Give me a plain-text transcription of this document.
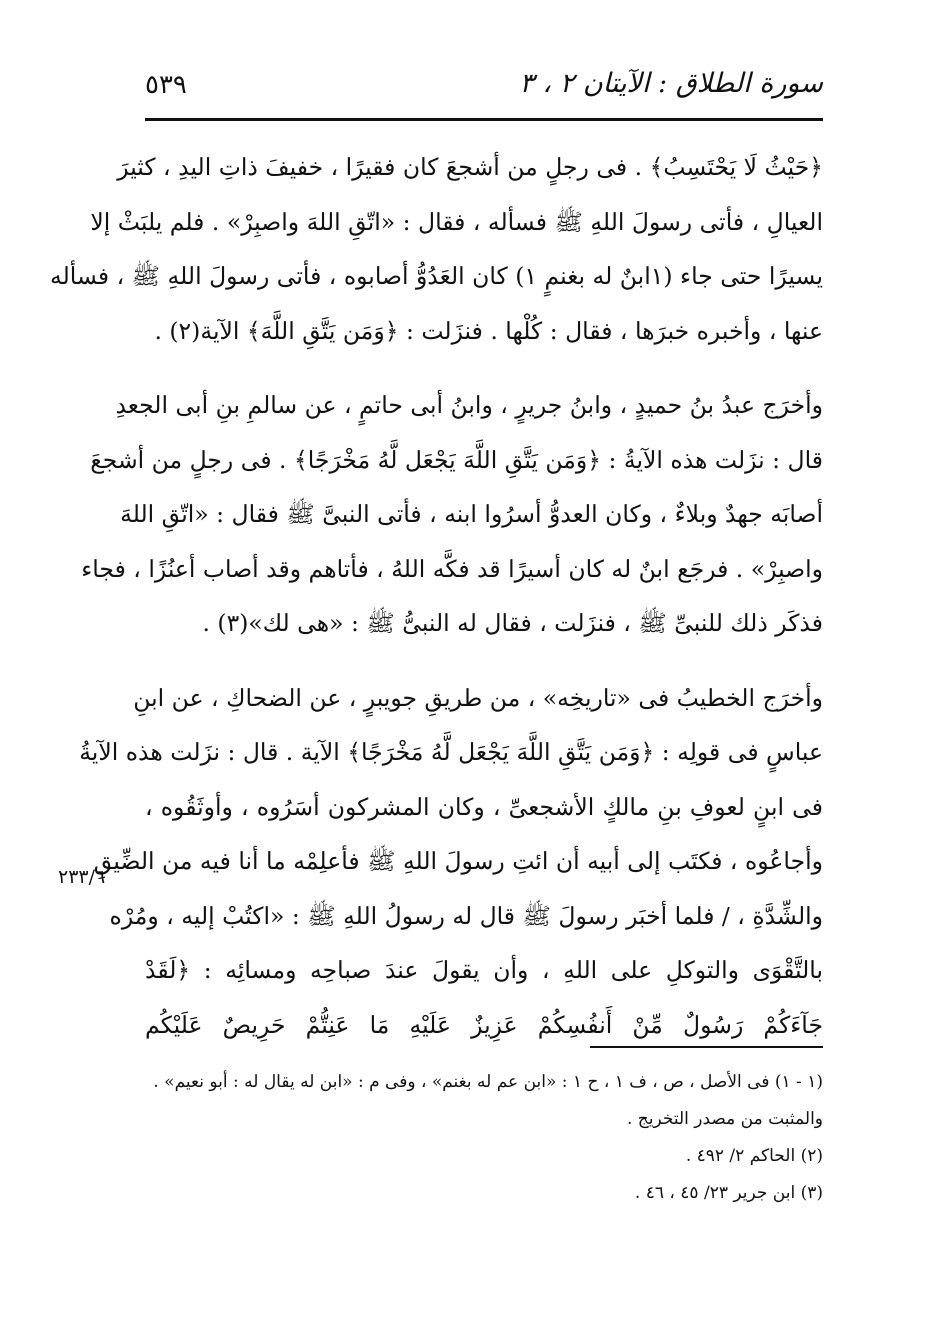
سورة الطلاق : الآيتان ٢ ، ٣
٥٣٩

﴿حَيْثُ لَا يَحْتَسِبُ﴾ . فى رجلٍ من أشجعَ كان فقيرًا ، خفيفَ ذاتِ اليدِ ، كثيرَ
العيالِ ، فأتى رسولَ اللهِ ﷺ فسأله ، فقال : «اتّقِ اللهَ واصبِرْ» . فلم يلبَثْ إلا
يسيرًا حتى جاء (١ابنٌ له بغنمٍ ١) كان العَدُوُّ أصابوه ، فأتى رسولَ اللهِ ﷺ ، فسأله
عنها ، وأخبره خبرَها ، فقال : كُلْها . فنزَلت : ﴿وَمَن يَتَّقِ اللَّهَ﴾ الآية(٢) .

وأخرَج عبدُ بنُ حميدٍ ، وابنُ جريرٍ ، وابنُ أبى حاتمٍ ، عن سالمِ بنِ أبى الجعدِ
قال : نزَلت هذه الآيةُ : ﴿وَمَن يَتَّقِ اللَّهَ يَجْعَل لَّهُ مَخْرَجًا﴾ . فى رجلٍ من أشجعَ
أصابَه جهدٌ وبلاءٌ ، وكان العدوُّ أسرُوا ابنه ، فأتى النبىَّ ﷺ فقال : «اتّقِ اللهَ
واصبِرْ» . فرجَع ابنٌ له كان أسيرًا قد فكَّه اللهُ ، فأتاهم وقد أصاب أعنُزًا ، فجاء
فذكَر ذلك للنبىِّ ﷺ ، فنزَلت ، فقال له النبىُّ ﷺ : «هى لك»(٣) .

وأخرَج الخطيبُ فى «تاريخِه» ، من طريقِ جويبرٍ ، عن الضحاكِ ، عن ابنِ
عباسٍ فى قولِه : ﴿وَمَن يَتَّقِ اللَّهَ يَجْعَل لَّهُ مَخْرَجًا﴾ الآية . قال : نزَلت هذه الآيةُ
فى ابنٍ لعوفِ بنِ مالكٍ الأشجعىِّ ، وكان المشركون أسَرُوه ، وأوثَقُوه ،
وأجاعُوه ، فكتَب إلى أبيه أن ائتِ رسولَ اللهِ ﷺ فأعلِمْه ما أنا فيه من الضِّيقِ
والشِّدَّةِ ، / فلما أخبَر رسولَ ﷺ قال له رسولُ اللهِ ﷺ : «اكتُبْ إليه ، ومُرْه
بالتَّقْوَى والتوكلِ على اللهِ ، وأن يقولَ عندَ صباحِه ومسائِه : ﴿لَقَدْ
جَآءَكُمْ رَسُولٌ مِّنْ أَنفُسِكُمْ عَزِيزٌ عَلَيْهِ مَا عَنِتُّمْ حَرِيصٌ عَلَيْكُم

٢٣٣/٦
(١ - ١) فى الأصل ، ص ، ف ١ ، ح ١ : «ابن عم له بغنم» ، وفى م : «ابن له يقال له : أبو نعيم» .
والمثبت من مصدر التخريج .
(٢) الحاكم ٢/ ٤٩٢ .
(٣) ابن جرير ٢٣/ ٤٥ ، ٤٦ .
